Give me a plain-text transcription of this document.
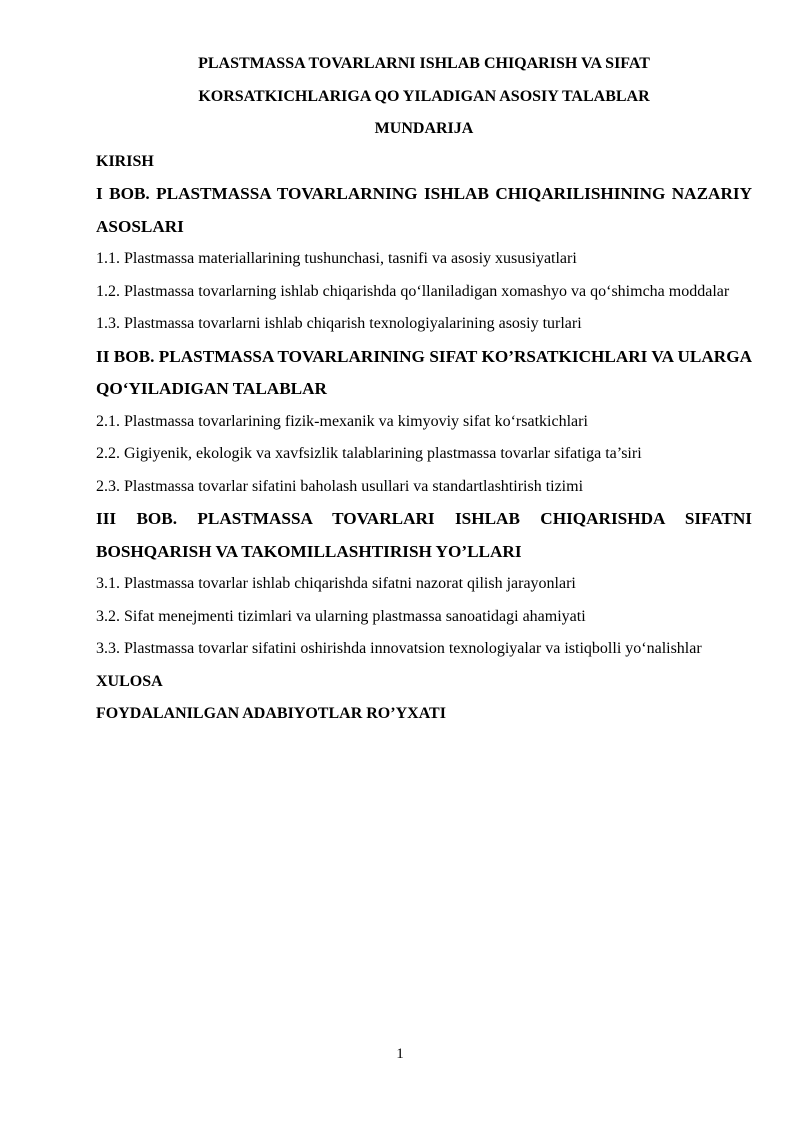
PLASTMASSA TOVARLARNI ISHLAB CHIQARISH VA SIFAT

KORSATKICHLARIGA QO YILADIGAN ASOSIY TALABLAR

MUNDARIJA

KIRISH

I BOB. PLASTMASSA TOVARLARNING ISHLAB CHIQARILISHINING NAZARIY ASOSLARI

1.1. Plastmassa materiallarining tushunchasi, tasnifi va asosiy xususiyatlari

1.2. Plastmassa tovarlarning ishlab chiqarishda qo‘llaniladigan xomashyo va qo‘shimcha moddalar

1.3. Plastmassa tovarlarni ishlab chiqarish texnologiyalarining asosiy turlari

II BOB. PLASTMASSA TOVARLARINING SIFAT KO’RSATKICHLARI VA ULARGA QO‘YILADIGAN TALABLAR

2.1. Plastmassa tovarlarining fizik-mexanik va kimyoviy sifat ko‘rsatkichlari

2.2. Gigiyenik, ekologik va xavfsizlik talablarining plastmassa tovarlar sifatiga ta’siri

2.3. Plastmassa tovarlar sifatini baholash usullari va standartlashtirish tizimi

III BOB. PLASTMASSA TOVARLARI ISHLAB CHIQARISHDA SIFATNI BOSHQARISH VA TAKOMILLASHTIRISH YO’LLARI

3.1. Plastmassa tovarlar ishlab chiqarishda sifatni nazorat qilish jarayonlari

3.2. Sifat menejmenti tizimlari va ularning plastmassa sanoatidagi ahamiyati

3.3. Plastmassa tovarlar sifatini oshirishda innovatsion texnologiyalar va istiqbolli yo‘nalishlar

XULOSA

FOYDALANILGAN ADABIYOTLAR RO’YXATI

1
